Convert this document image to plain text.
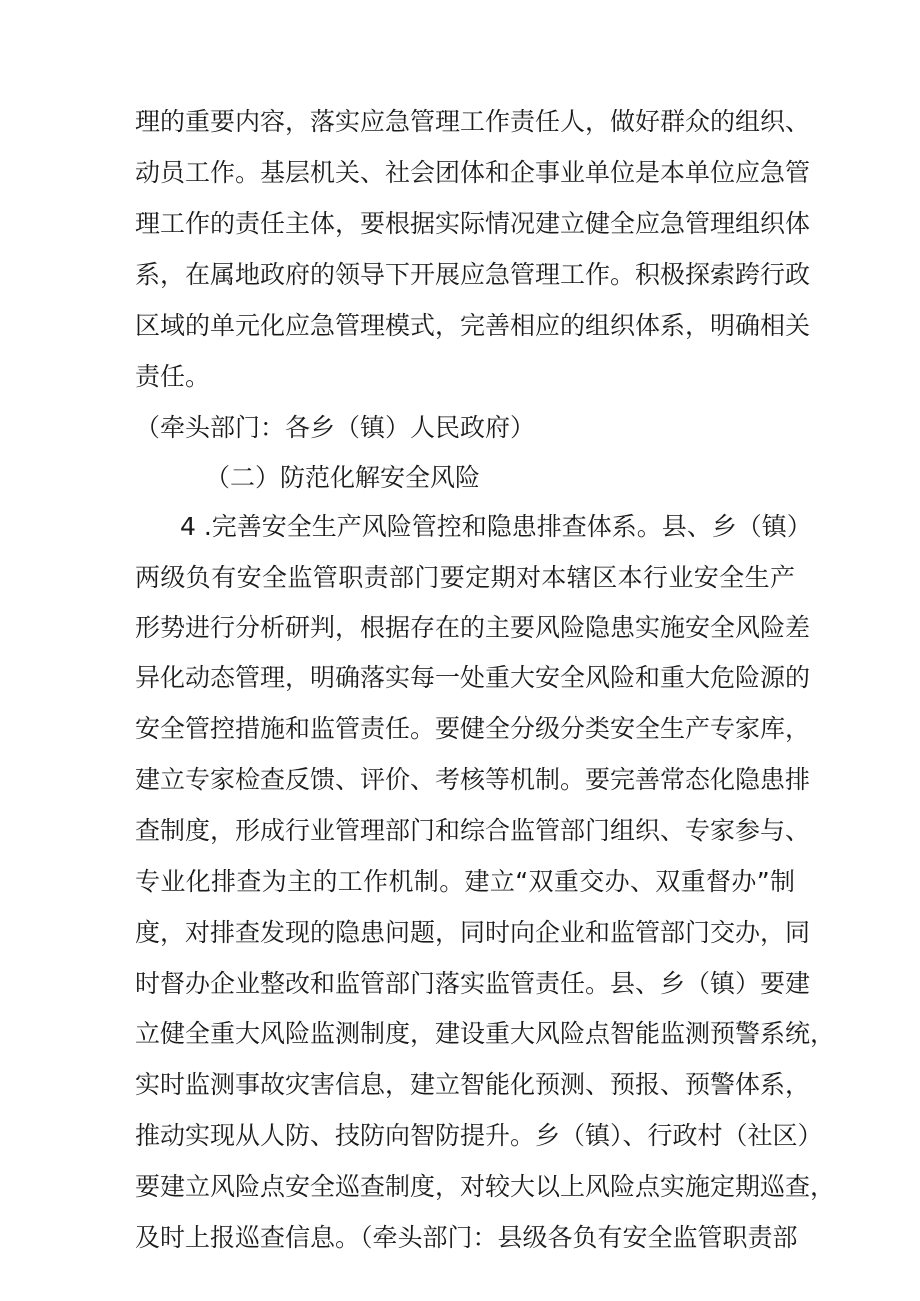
理的重要内容，落实应急管理工作责任人，做好群众的组织、
动员工作。基层机关、社会团体和企事业单位是本单位应急管
理工作的责任主体，要根据实际情况建立健全应急管理组织体
系，在属地政府的领导下开展应急管理工作。积极探索跨行政
区域的单元化应急管理模式，完善相应的组织体系，明确相关
责任。
（牵头部门：各乡（镇）人民政府）
（二）防范化解安全风险
4 .完善安全生产风险管控和隐患排查体系。县、乡（镇）
两级负有安全监管职责部门要定期对本辖区本行业安全生产
形势进行分析研判，根据存在的主要风险隐患实施安全风险差
异化动态管理，明确落实每一处重大安全风险和重大危险源的
安全管控措施和监管责任。要健全分级分类安全生产专家库，
建立专家检查反馈、评价、考核等机制。要完善常态化隐患排
查制度，形成行业管理部门和综合监管部门组织、专家参与、
专业化排查为主的工作机制。建立“双重交办、双重督办”制
度，对排查发现的隐患问题，同时向企业和监管部门交办，同
时督办企业整改和监管部门落实监管责任。县、乡（镇）要建
立健全重大风险监测制度，建设重大风险点智能监测预警系统，
实时监测事故灾害信息，建立智能化预测、预报、预警体系，
推动实现从人防、技防向智防提升。乡（镇）、行政村（社区）
要建立风险点安全巡查制度，对较大以上风险点实施定期巡查，
及时上报巡查信息。（牵头部门：县级各负有安全监管职责部
